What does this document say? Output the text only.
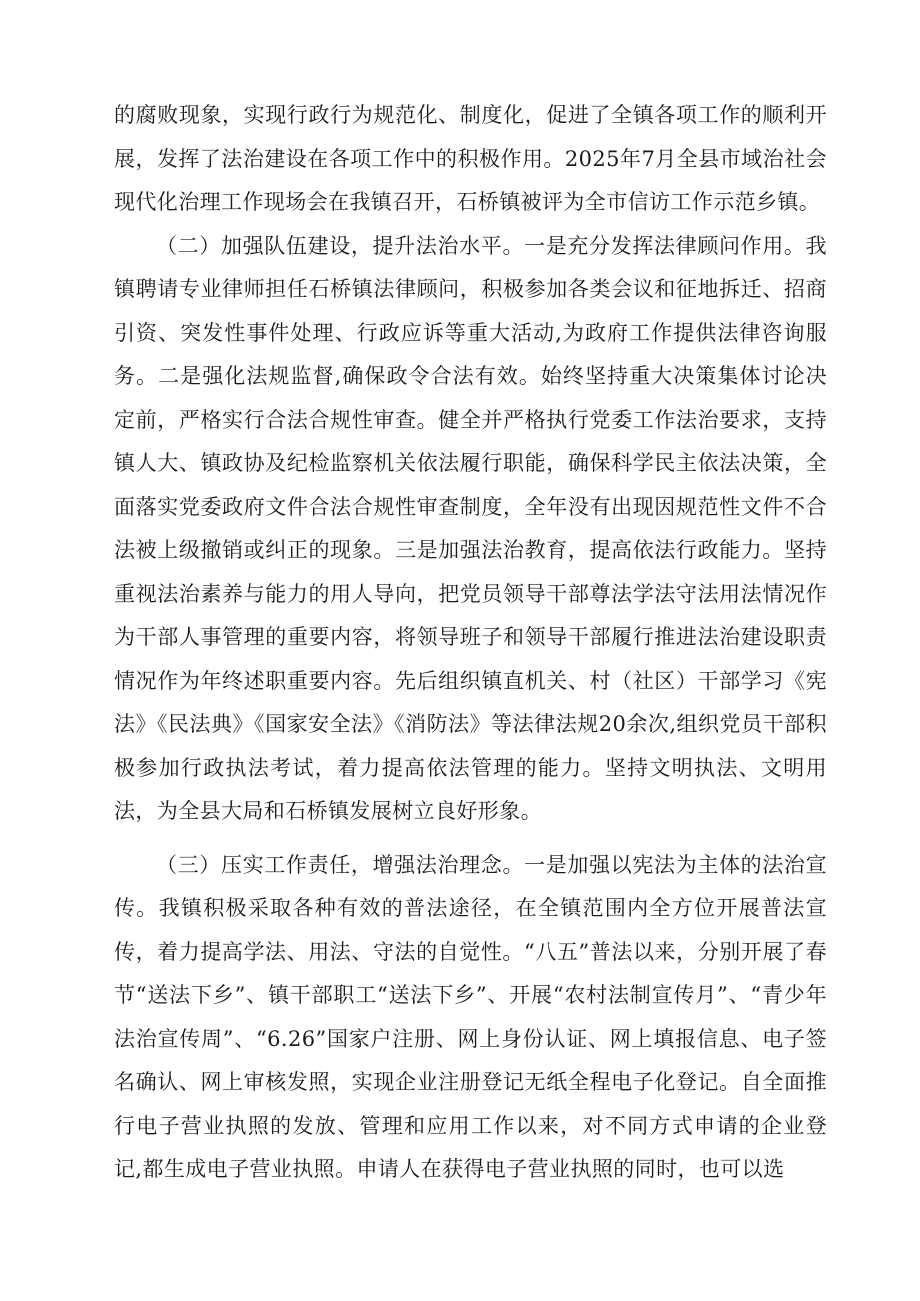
的腐败现象，实现行政行为规范化、制度化，促进了全镇各项工作的顺利开展，发挥了法治建设在各项工作中的积极作用。2025年7月全县市域治社会现代化治理工作现场会在我镇召开，石桥镇被评为全市信访工作示范乡镇。

（二）加强队伍建设，提升法治水平。一是充分发挥法律顾问作用。我镇聘请专业律师担任石桥镇法律顾问，积极参加各类会议和征地拆迁、招商引资、突发性事件处理、行政应诉等重大活动,为政府工作提供法律咨询服务。二是强化法规监督,确保政令合法有效。始终坚持重大决策集体讨论决定前，严格实行合法合规性审查。健全并严格执行党委工作法治要求，支持镇人大、镇政协及纪检监察机关依法履行职能，确保科学民主依法决策，全面落实党委政府文件合法合规性审查制度，全年没有出现因规范性文件不合法被上级撤销或纠正的现象。三是加强法治教育，提高依法行政能力。坚持重视法治素养与能力的用人导向，把党员领导干部尊法学法守法用法情况作为干部人事管理的重要内容，将领导班子和领导干部履行推进法治建设职责情况作为年终述职重要内容。先后组织镇直机关、村（社区）干部学习《宪法》《民法典》《国家安全法》《消防法》等法律法规20余次,组织党员干部积极参加行政执法考试，着力提高依法管理的能力。坚持文明执法、文明用法，为全县大局和石桥镇发展树立良好形象。

（三）压实工作责任，增强法治理念。一是加强以宪法为主体的法治宣传。我镇积极采取各种有效的普法途径，在全镇范围内全方位开展普法宣传，着力提高学法、用法、守法的自觉性。“八五”普法以来，分别开展了春节“送法下乡”、镇干部职工“送法下乡”、开展“农村法制宣传月”、“青少年法治宣传周”、“6.26”国家户注册、网上身份认证、网上填报信息、电子签名确认、网上审核发照，实现企业注册登记无纸全程电子化登记。自全面推行电子营业执照的发放、管理和应用工作以来，对不同方式申请的企业登记,都生成电子营业执照。申请人在获得电子营业执照的同时，也可以选
